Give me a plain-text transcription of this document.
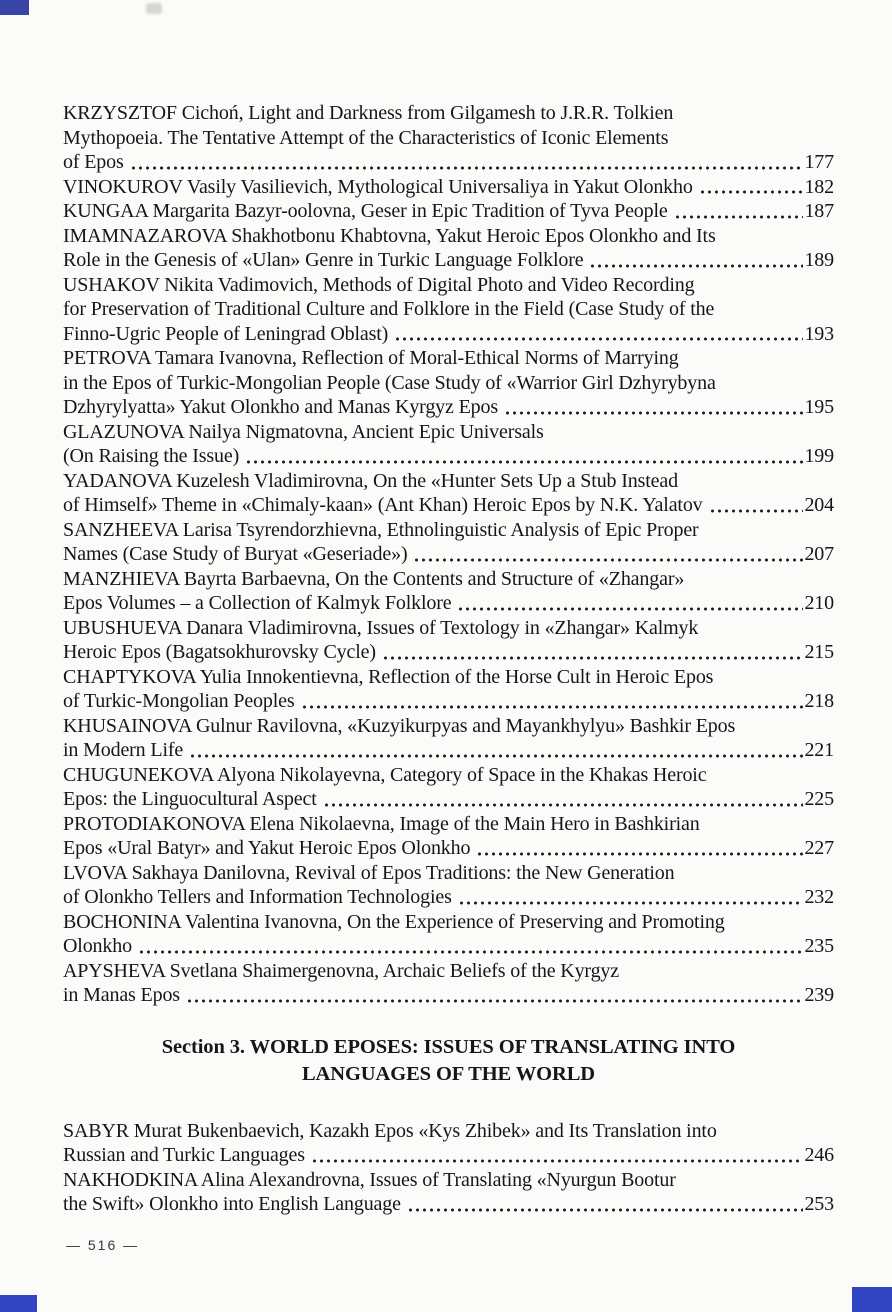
KRZYSZTOF Cichoń, Light and Darkness from Gilgamesh to J.R.R. Tolkien
Mythopoeia. The Tentative Attempt of the Characteristics of Iconic Elements
of Epos	177
VINOKUROV Vasily Vasilievich, Mythological Universaliya in Yakut Olonkho	182
KUNGAA Margarita Bazyr-oolovna, Geser in Epic Tradition of Tyva People	187
IMAMNAZAROVA Shakhotbonu Khabtovna, Yakut Heroic Epos Olonkho and Its
Role in the Genesis of «Ulan» Genre in Turkic Language Folklore	189
USHAKOV Nikita Vadimovich, Methods of Digital Photo and Video Recording
for Preservation of Traditional Culture and Folklore in the Field (Case Study of the
Finno-Ugric People of Leningrad Oblast)	193
PETROVA Tamara Ivanovna, Reflection of Moral-Ethical Norms of Marrying
in the Epos of Turkic-Mongolian People (Case Study of «Warrior Girl Dzhyrybyna
Dzhyrylyatta» Yakut Olonkho and Manas Kyrgyz Epos	195
GLAZUNOVA Nailya Nigmatovna, Ancient Epic Universals
(On Raising the Issue)	199
YADANOVA Kuzelesh Vladimirovna, On the «Hunter Sets Up a Stub Instead
of Himself» Theme in «Chimaly-kaan» (Ant Khan) Heroic Epos by N.K. Yalatov	204
SANZHEEVA Larisa Tsyrendorzhievna, Ethnolinguistic Analysis of Epic Proper
Names (Case Study of Buryat «Geseriade»)	207
MANZHIEVA Bayrta Barbaevna, On the Contents and Structure of «Zhangar»
Epos Volumes – a Collection of Kalmyk Folklore	210
UBUSHUEVA Danara Vladimirovna, Issues of Textology in «Zhangar» Kalmyk
Heroic Epos (Bagatsokhurovsky Cycle)	215
CHAPTYKOVA Yulia Innokentievna, Reflection of the Horse Cult in Heroic Epos
of Turkic-Mongolian Peoples	218
KHUSAINOVA Gulnur Ravilovna, «Kuzyikurpyas and Mayankhylyu» Bashkir Epos
in Modern Life	221
CHUGUNEKOVA Alyona Nikolayevna, Category of Space in the Khakas Heroic
Epos: the Linguocultural Aspect	225
PROTODIAKONOVA Elena Nikolaevna, Image of the Main Hero in Bashkirian
Epos «Ural Batyr» and Yakut Heroic Epos Olonkho	227
LVOVA Sakhaya Danilovna, Revival of Epos Traditions: the New Generation
of Olonkho Tellers and Information Technologies	232
BOCHONINA Valentina Ivanovna, On the Experience of Preserving and Promoting
Olonkho	235
APYSHEVA Svetlana Shaimergenovna, Archaic Beliefs of the Kyrgyz
in Manas Epos	239
Section 3. WORLD EPOSES: ISSUES OF TRANSLATING INTO
LANGUAGES OF THE WORLD
SABYR Murat Bukenbaevich, Kazakh Epos «Kys Zhibek» and Its Translation into
Russian and Turkic Languages	246
NAKHODKINA Alina Alexandrovna, Issues of Translating «Nyurgun Bootur
the Swift» Olonkho into English Language	253
— 516 —
